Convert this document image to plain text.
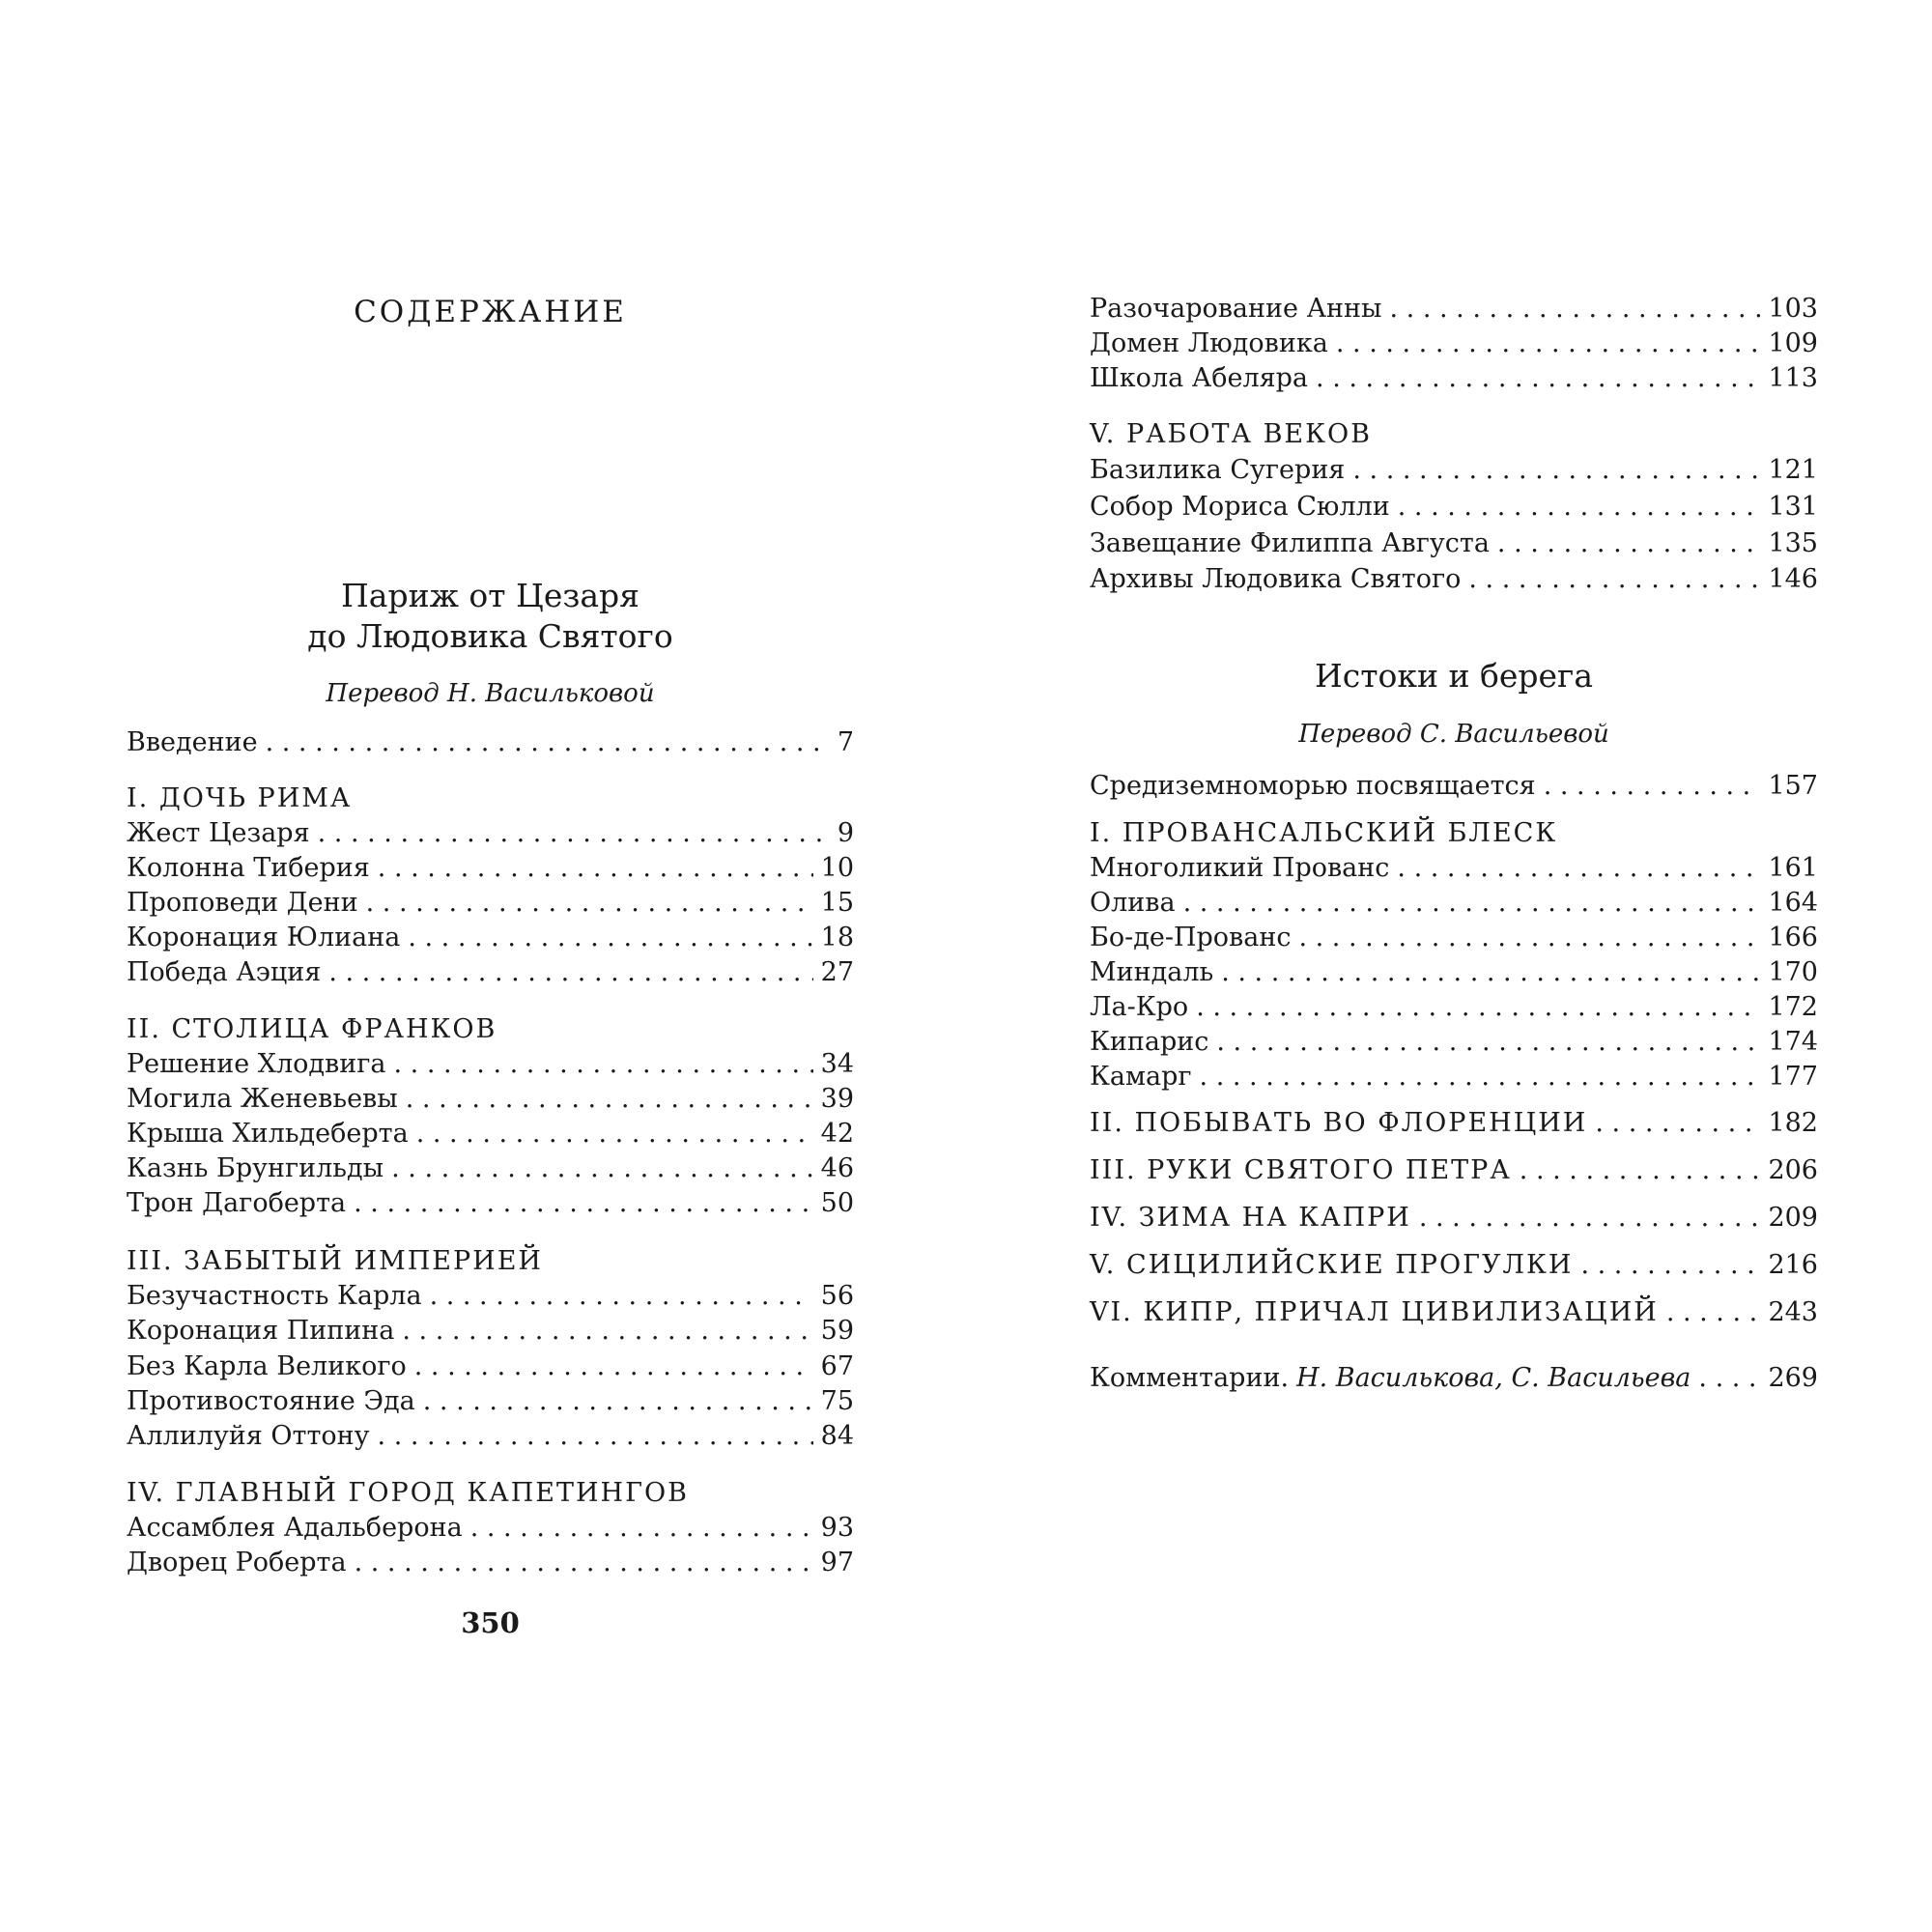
СОДЕРЖАНИЕ
Париж от Цезаря
до Людовика Святого
Перевод Н. Васильковой
Введение . . .	7
I. ДОЧЬ РИМА
Жест Цезаря . . .	9
Колонна Тиберия . . .	10
Проповеди Дени . . .	15
Коронация Юлиана . . .	18
Победа Аэция . . .	27
II. СТОЛИЦА ФРАНКОВ
Решение Хлодвига . . .	34
Могила Женевьевы . . .	39
Крыша Хильдеберта . . .	42
Казнь Брунгильды . . .	46
Трон Дагоберта . . .	50
III. ЗАБЫТЫЙ ИМПЕРИЕЙ
Безучастность Карла . . .	56
Коронация Пипина . . .	59
Без Карла Великого . . .	67
Противостояние Эда . . .	75
Аллилуйя Оттону . . .	84
IV. ГЛАВНЫЙ ГОРОД КАПЕТИНГОВ
Ассамблея Адальберона . . .	93
Дворец Роберта . . .	97
350
Разочарование Анны . . .	103
Домен Людовика . . .	109
Школа Абеляра . . .	113
V. РАБОТА ВЕКОВ
Базилика Сугерия . . .	121
Собор Мориса Сюлли . . .	131
Завещание Филиппа Августа . . .	135
Архивы Людовика Святого . . .	146
Истоки и берега
Перевод С. Васильевой
Средиземноморью посвящается . . .	157
I. ПРОВАНСАЛЬСКИЙ БЛЕСК
Многоликий Прованс . . .	161
Олива . . .	164
Бо-де-Прованс . . .	166
Миндаль . . .	170
Ла-Кро . . .	172
Кипарис . . .	174
Камарг . . .	177
II. ПОБЫВАТЬ ВО ФЛОРЕНЦИИ . . .	182
III. РУКИ СВЯТОГО ПЕТРА . . .	206
IV. ЗИМА НА КАПРИ . . .	209
V. СИЦИЛИЙСКИЕ ПРОГУЛКИ . . .	216
VI. КИПР, ПРИЧАЛ ЦИВИЛИЗАЦИЙ . . .	243
Комментарии. Н. Василькова, С. Васильева . . .	269
